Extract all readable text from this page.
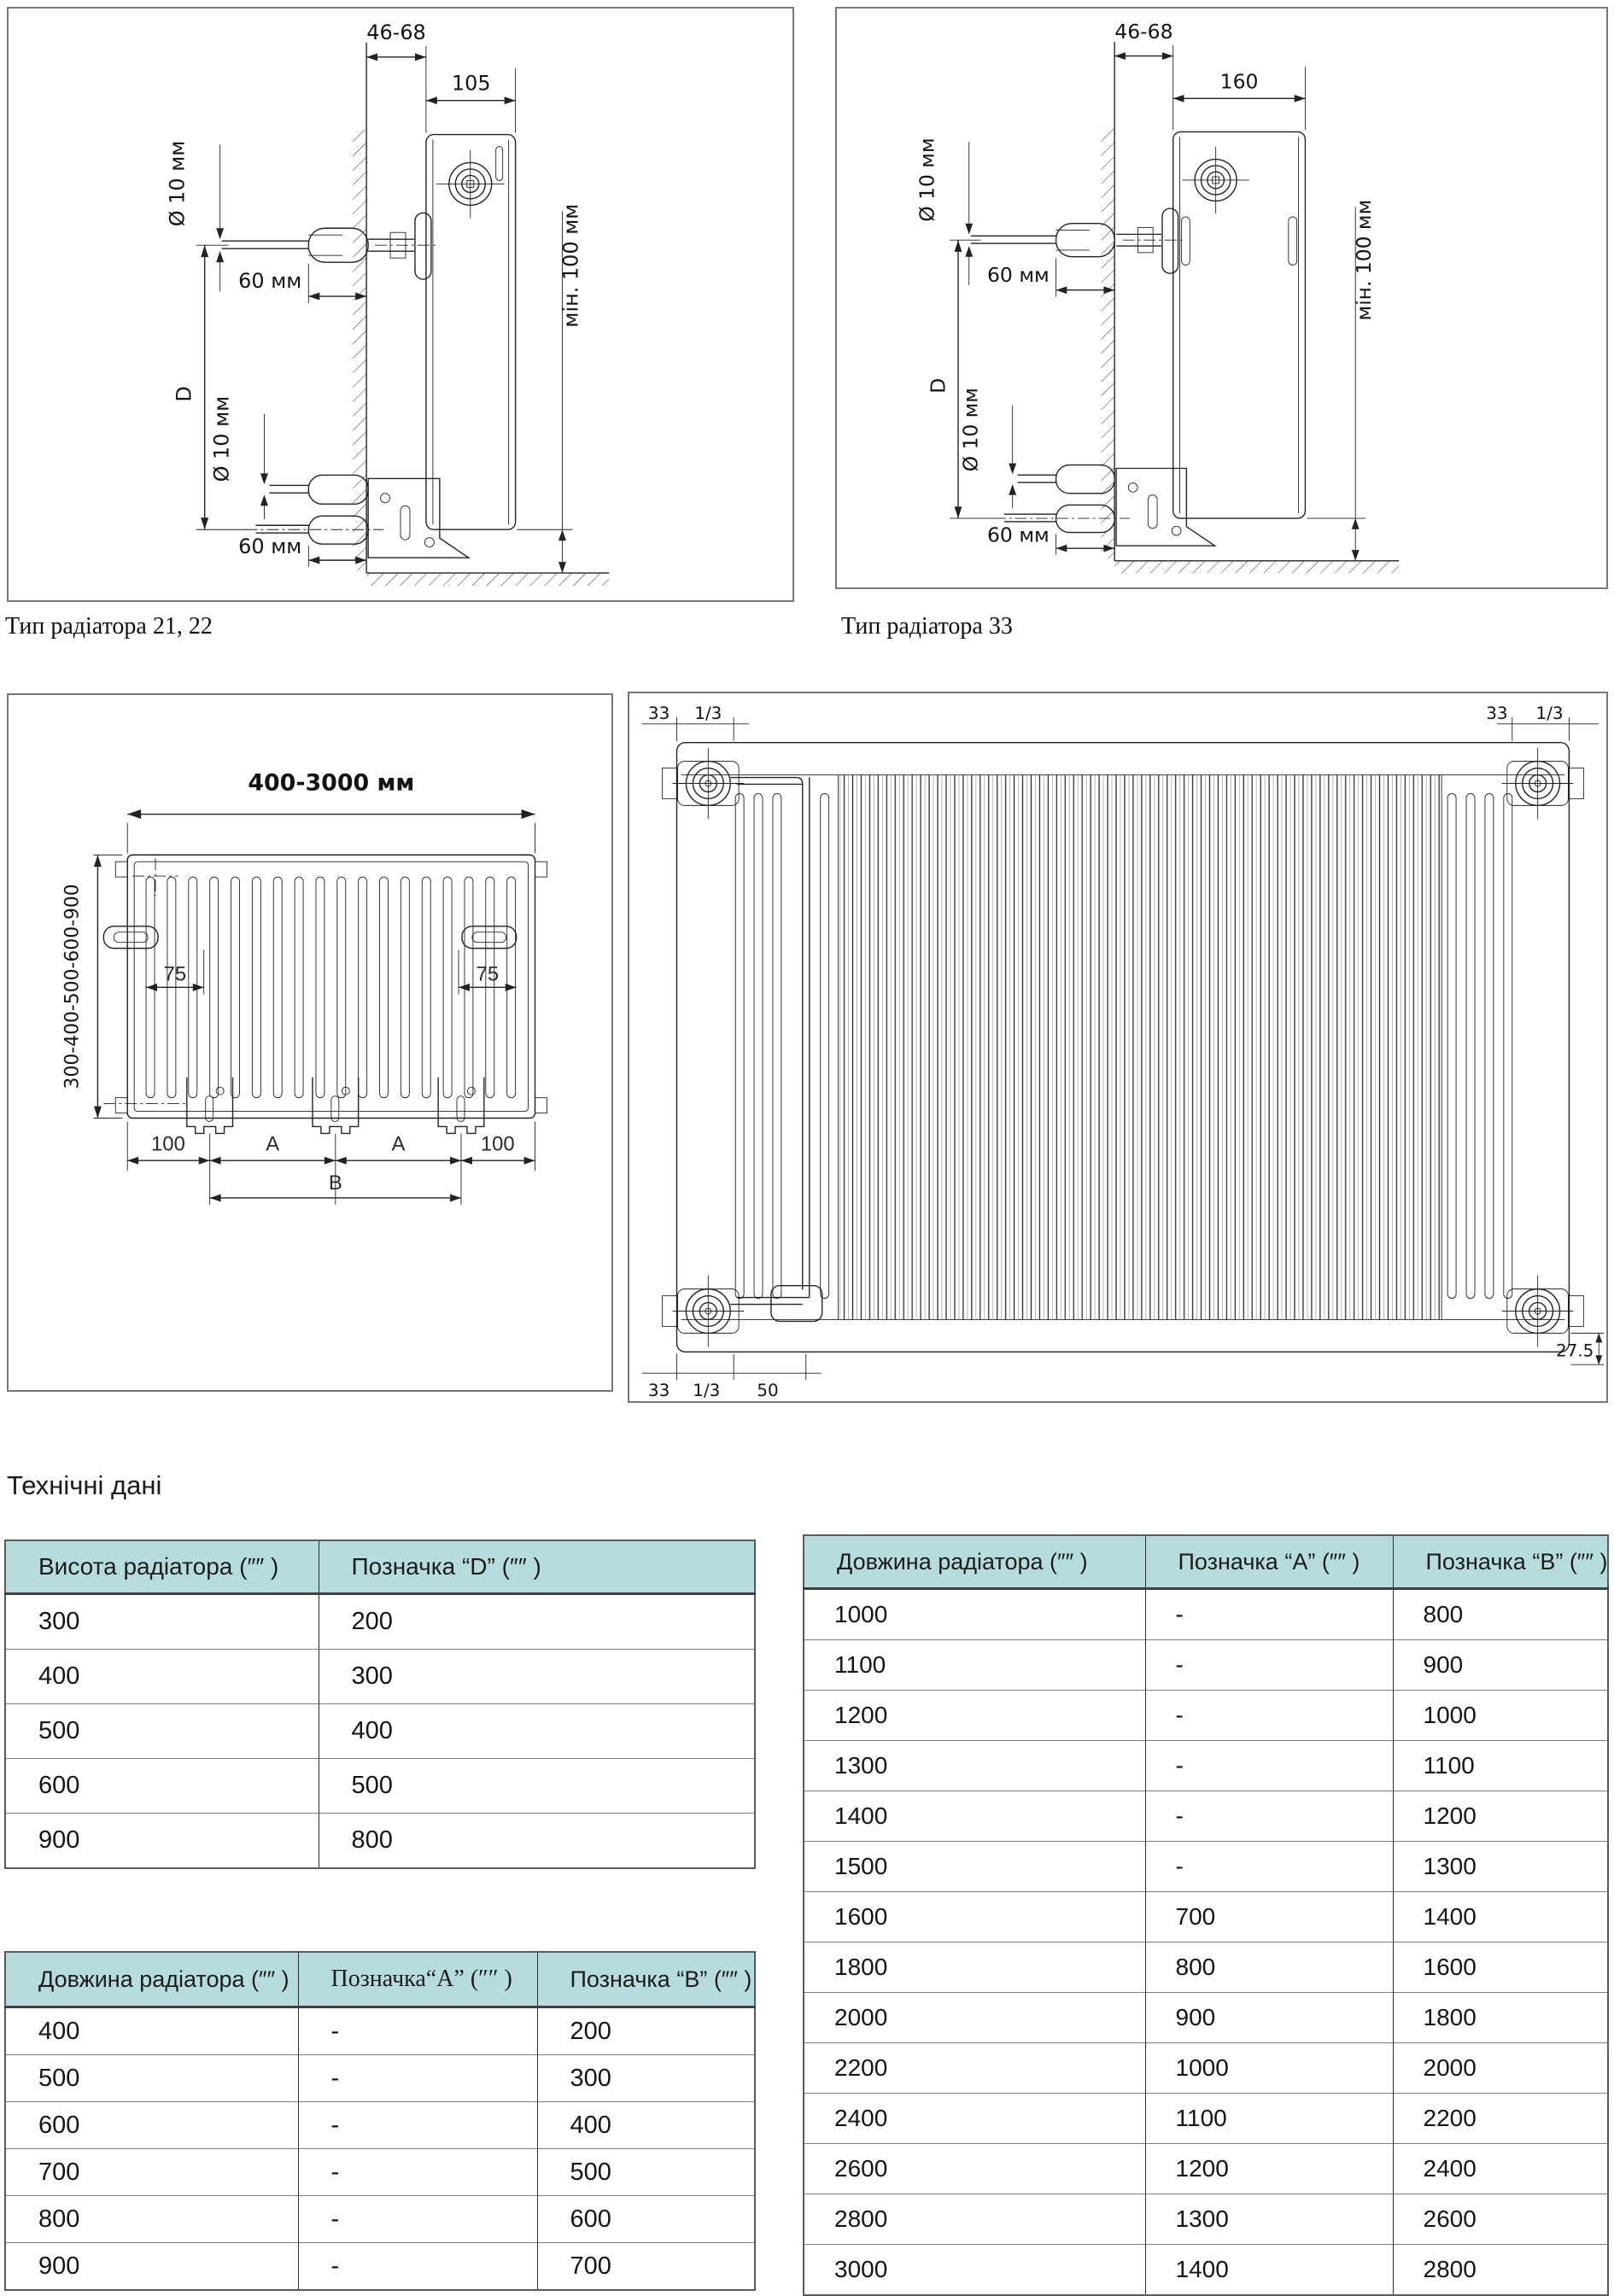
46-68
105
Ø 10 мм
60 мм
D
Ø 10 мм
60 мм
мін. 100 мм
Тип радіатора 21, 22
46-68
160
Ø 10 мм
60 мм
D
Ø 10 мм
60 мм
мін. 100 мм
Тип радіатора 33
400-3000 мм
75	75
100	A	A	100
B
300-400-500-600-900
33 1/3	33 1/3
33 1/3 50
27.5
Технічні дані
Висота радіатора (″″ )	Позначка “D” (″″ )
300	200
400	300
500	400
600	500
900	800
Довжина радіатора (″″ )	Позначка“А” (″″ )	Позначка “В” (″″ )
400	-	200
500	-	300
600	-	400
700	-	500
800	-	600
900	-	700
Довжина радіатора (″″ )	Позначка “А” (″″ )	Позначка “В” (″″ )
1000	-	800
1100	-	900
1200	-	1000
1300	-	1100
1400	-	1200
1500	-	1300
1600	700	1400
1800	800	1600
2000	900	1800
2200	1000	2000
2400	1100	2200
2600	1200	2400
2800	1300	2600
3000	1400	2800
